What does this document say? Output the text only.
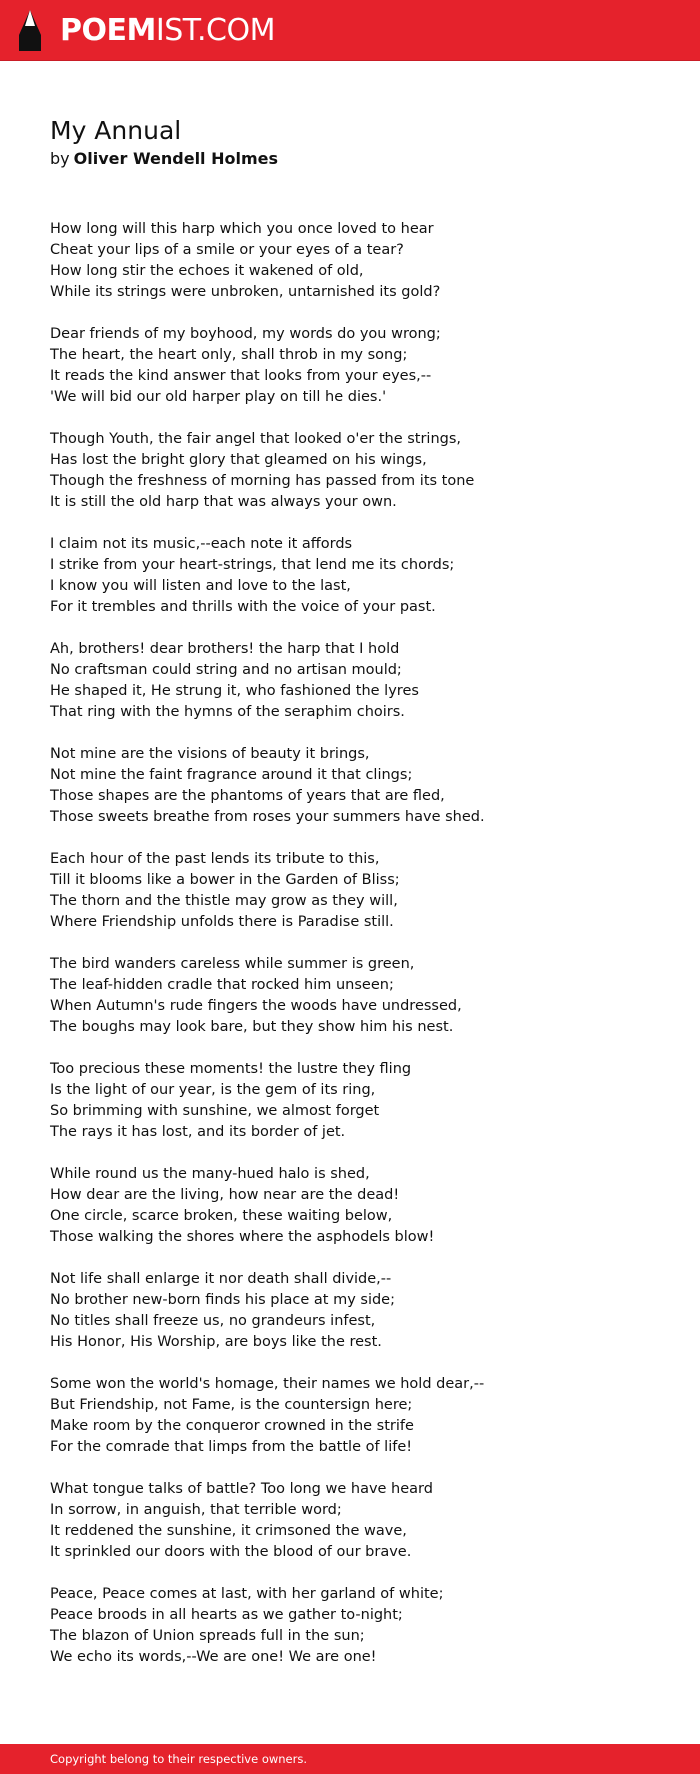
POEMIST.COM
My Annual

by Oliver Wendell Holmes

How long will this harp which you once loved to hear
Cheat your lips of a smile or your eyes of a tear?
How long stir the echoes it wakened of old,
While its strings were unbroken, untarnished its gold?
Dear friends of my boyhood, my words do you wrong;
The heart, the heart only, shall throb in my song;
It reads the kind answer that looks from your eyes,--
'We will bid our old harper play on till he dies.'
Though Youth, the fair angel that looked o'er the strings,
Has lost the bright glory that gleamed on his wings,
Though the freshness of morning has passed from its tone
It is still the old harp that was always your own.
I claim not its music,--each note it affords
I strike from your heart-strings, that lend me its chords;
I know you will listen and love to the last,
For it trembles and thrills with the voice of your past.
Ah, brothers! dear brothers! the harp that I hold
No craftsman could string and no artisan mould;
He shaped it, He strung it, who fashioned the lyres
That ring with the hymns of the seraphim choirs.
Not mine are the visions of beauty it brings,
Not mine the faint fragrance around it that clings;
Those shapes are the phantoms of years that are fled,
Those sweets breathe from roses your summers have shed.
Each hour of the past lends its tribute to this,
Till it blooms like a bower in the Garden of Bliss;
The thorn and the thistle may grow as they will,
Where Friendship unfolds there is Paradise still.
The bird wanders careless while summer is green,
The leaf-hidden cradle that rocked him unseen;
When Autumn's rude fingers the woods have undressed,
The boughs may look bare, but they show him his nest.
Too precious these moments! the lustre they fling
Is the light of our year, is the gem of its ring,
So brimming with sunshine, we almost forget
The rays it has lost, and its border of jet.
While round us the many-hued halo is shed,
How dear are the living, how near are the dead!
One circle, scarce broken, these waiting below,
Those walking the shores where the asphodels blow!
Not life shall enlarge it nor death shall divide,--
No brother new-born finds his place at my side;
No titles shall freeze us, no grandeurs infest,
His Honor, His Worship, are boys like the rest.
Some won the world's homage, their names we hold dear,--
But Friendship, not Fame, is the countersign here;
Make room by the conqueror crowned in the strife
For the comrade that limps from the battle of life!
What tongue talks of battle? Too long we have heard
In sorrow, in anguish, that terrible word;
It reddened the sunshine, it crimsoned the wave,
It sprinkled our doors with the blood of our brave.
Peace, Peace comes at last, with her garland of white;
Peace broods in all hearts as we gather to-night;
The blazon of Union spreads full in the sun;
We echo its words,--We are one! We are one!
Copyright belong to their respective owners.
